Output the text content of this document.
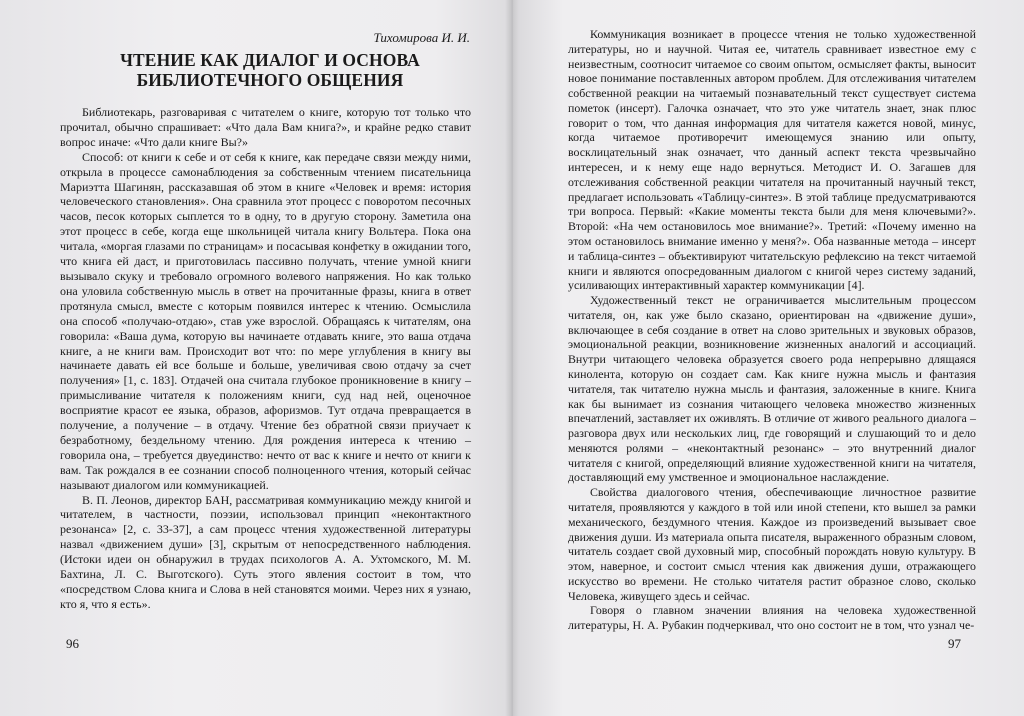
Тихомирова И. И.

ЧТЕНИЕ КАК ДИАЛОГ И ОСНОВА БИБЛИОТЕЧНОГО ОБЩЕНИЯ

Библиотекарь, разговаривая с читателем о книге, которую тот только что прочитал, обычно спрашивает: «Что дала Вам книга?», и крайне редко ставит вопрос иначе: «Что дали книге Вы?»

Способ: от книги к себе и от себя к книге, как передаче связи между ними, открыла в процессе самонаблюдения за собственным чтением писательница Мариэтта Шагинян, рассказавшая об этом в книге «Человек и время: история человеческого становления». Она сравнила этот процесс с поворотом песочных часов, песок которых сыплется то в одну, то в другую сторону. Заметила она этот процесс в себе, когда еще школьницей читала книгу Вольтера. Пока она читала, «моргая глазами по страницам» и посасывая конфетку в ожидании того, что книга ей даст, и приготовилась пассивно получать, чтение умной книги вызывало скуку и требовало огромного волевого напряжения. Но как только она уловила собственную мысль в ответ на прочитанные фразы, книга в ответ протянула смысл, вместе с которым появился интерес к чтению. Осмыслила она способ «получаю-отдаю», став уже взрослой. Обращаясь к читателям, она говорила: «Ваша дума, которую вы начинаете отдавать книге, это ваша отдача книге, а не книги вам. Происходит вот что: по мере углубления в книгу вы начинаете давать ей все больше и больше, увеличивая свою отдачу за счет получения» [1, с. 183]. Отдачей она считала глубокое проникновение в книгу – примысливание читателя к положениям книги, суд над ней, оценочное восприятие красот ее языка, образов, афоризмов. Тут отдача превращается в получение, а получение – в отдачу. Чтение без обратной связи приучает к безработному, бездельному чтению. Для рождения интереса к чтению – говорила она, – требуется двуединство: нечто от вас к книге и нечто от книги к вам. Так рождался в ее сознании способ полноценного чтения, который сейчас называют диалогом или коммуникацией.

В. П. Леонов, директор БАН, рассматривая коммуникацию между книгой и читателем, в частности, поэзии, использовал принцип «неконтактного резонанса» [2, с. 33-37], а сам процесс чтения художественной литературы назвал «движением души» [3], скрытым от непосредственного наблюдения. (Истоки идеи он обнаружил в трудах психологов А. А. Ухтомского, М. М. Бахтина, Л. С. Выготского). Суть этого явления состоит в том, что «посредством Слова книга и Слова в ней становятся моими. Через них я узнаю, кто я, что я есть».

96

Коммуникация возникает в процессе чтения не только художественной литературы, но и научной. Читая ее, читатель сравнивает известное ему с неизвестным, соотносит читаемое со своим опытом, осмысляет факты, выносит новое понимание поставленных автором проблем. Для отслеживания читателем собственной реакции на читаемый познавательный текст существует система пометок (инсерт). Галочка означает, что это уже читатель знает, знак плюс говорит о том, что данная информация для читателя кажется новой, минус, когда читаемое противоречит имеющемуся знанию или опыту, восклицательный знак означает, что данный аспект текста чрезвычайно интересен, и к нему еще надо вернуться. Методист И. О. Загашев для отслеживания собственной реакции читателя на прочитанный научный текст, предлагает использовать «Таблицу-синтез». В этой таблице предусматриваются три вопроса. Первый: «Какие моменты текста были для меня ключевыми?». Второй: «На чем остановилось мое внимание?». Третий: «Почему именно на этом остановилось внимание именно у меня?». Оба названные метода – инсерт и таблица-синтез – объективируют читательскую рефлексию на текст читаемой книги и являются опосредованным диалогом с книгой через систему заданий, усиливающих интерактивный характер коммуникации [4].

Художественный текст не ограничивается мыслительным процессом читателя, он, как уже было сказано, ориентирован на «движение души», включающее в себя создание в ответ на слово зрительных и звуковых образов, эмоциональной реакции, возникновение жизненных аналогий и ассоциаций. Внутри читающего человека образуется своего рода непрерывно длящаяся кинолента, которую он создает сам. Как книге нужна мысль и фантазия читателя, так читателю нужна мысль и фантазия, заложенные в книге. Книга как бы вынимает из сознания читающего человека множество жизненных впечатлений, заставляет их оживлять. В отличие от живого реального диалога – разговора двух или нескольких лиц, где говорящий и слушающий то и дело меняются ролями – «неконтактный резонанс» – это внутренний диалог читателя с книгой, определяющий влияние художественной книги на читателя, доставляющий ему умственное и эмоциональное наслаждение.

Свойства диалогового чтения, обеспечивающие личностное развитие читателя, проявляются у каждого в той или иной степени, кто вышел за рамки механического, бездумного чтения. Каждое из произведений вызывает свое движения души. Из материала опыта писателя, выраженного образным словом, читатель создает свой духовный мир, способный порождать новую культуру. В этом, наверное, и состоит смысл чтения как движения души, отражающего искусство во времени. Не столько читателя растит образное слово, сколько Человека, живущего здесь и сейчас.

Говоря о главном значении влияния на человека художественной литературы, Н. А. Рубакин подчеркивал, что оно состоит не в том, что узнал че-

97
